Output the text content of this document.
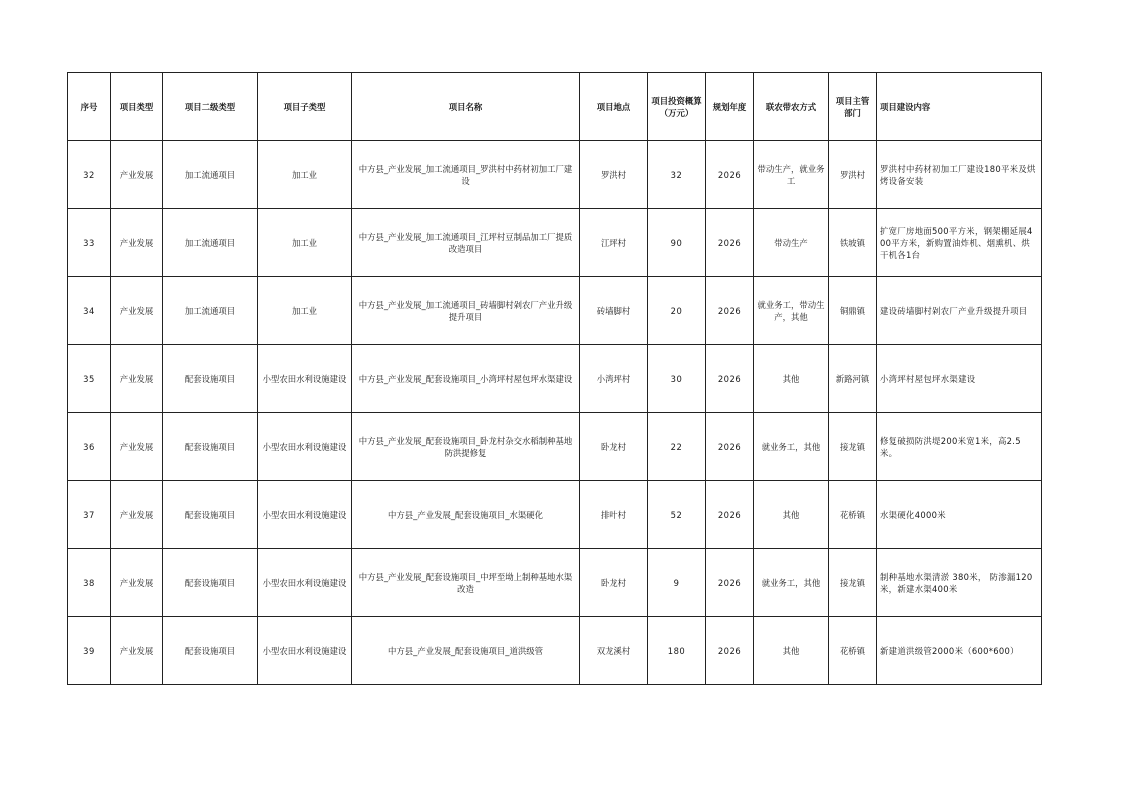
序号	项目类型	项目二级类型	项目子类型	项目名称	项目地点	项目投资概算（万元）	规划年度	联农带农方式	项目主管部门	项目建设内容
32	产业发展	加工流通项目	加工业	中方县_产业发展_加工流通项目_罗洪村中药材初加工厂建设	罗洪村	32	2026	带动生产，就业务工	罗洪村	罗洪村中药材初加工厂建设180平米及烘烤设备安装
33	产业发展	加工流通项目	加工业	中方县_产业发展_加工流通项目_江坪村豆制品加工厂提质改造项目	江坪村	90	2026	带动生产	铁坡镇	扩宽厂房地面500平方米，钢架棚延展400平方米，新购置油炸机、烟熏机、烘干机各1台
34	产业发展	加工流通项目	加工业	中方县_产业发展_加工流通项目_砖墙脚村剁农厂产业升级提升项目	砖墙脚村	20	2026	就业务工，带动生产，其他	铜鼎镇	建设砖墙脚村剁农厂产业升级提升项目
35	产业发展	配套设施项目	小型农田水利设施建设	中方县_产业发展_配套设施项目_小湾坪村屋包坪水渠建设	小湾坪村	30	2026	其他	新路河镇	小湾坪村屋包坪水渠建设
36	产业发展	配套设施项目	小型农田水利设施建设	中方县_产业发展_配套设施项目_卧龙村杂交水稻制种基地防洪提修复	卧龙村	22	2026	就业务工，其他	接龙镇	修复破损防洪堤200米宽1米，高2.5米。
37	产业发展	配套设施项目	小型农田水利设施建设	中方县_产业发展_配套设施项目_水渠硬化	排叶村	52	2026	其他	花桥镇	水渠硬化4000米
38	产业发展	配套设施项目	小型农田水利设施建设	中方县_产业发展_配套设施项目_中坪至坳上制种基地水渠改造	卧龙村	9	2026	就业务工，其他	接龙镇	制种基地水渠清淤 380米， 防渗漏120米，新建水渠400米
39	产业发展	配套设施项目	小型农田水利设施建设	中方县_产业发展_配套设施项目_道洪级管	双龙溪村	180	2026	其他	花桥镇	新建道洪级管2000米（600*600）
